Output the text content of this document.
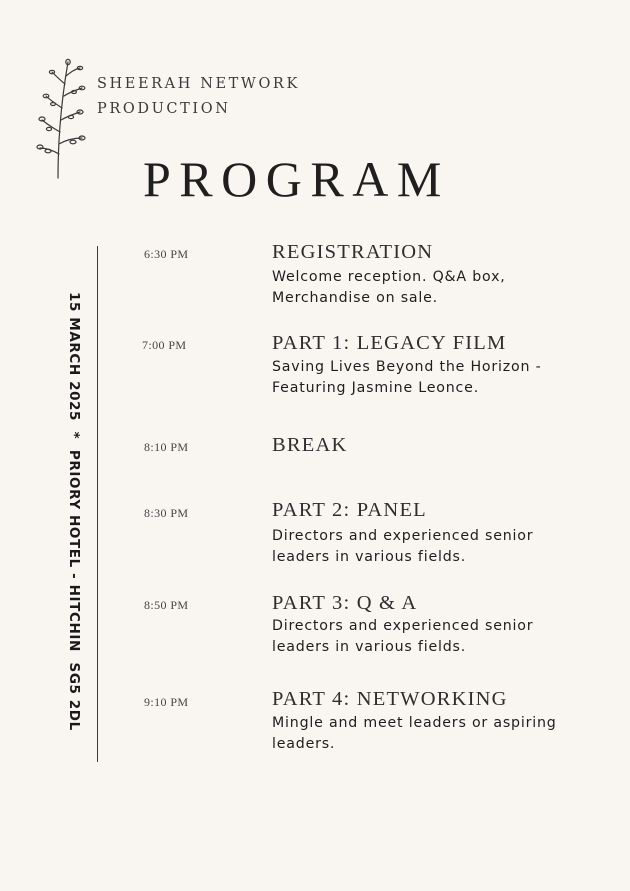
SHEERAH NETWORK
PRODUCTION
PROGRAM
15 MARCH 2025  *  PRIORY HOTEL - HITCHIN  SG5 2DL
6:30 PM	REGISTRATION
Welcome reception. Q&A box,
Merchandise on sale.
7:00 PM	PART 1: LEGACY FILM
Saving Lives Beyond the Horizon -
Featuring Jasmine Leonce.
8:10 PM	BREAK
8:30 PM	PART 2: PANEL
Directors and experienced senior
leaders in various fields.
8:50 PM	PART 3: Q & A
Directors and experienced senior
leaders in various fields.
9:10 PM	PART 4: NETWORKING
Mingle and meet leaders or aspiring
leaders.
